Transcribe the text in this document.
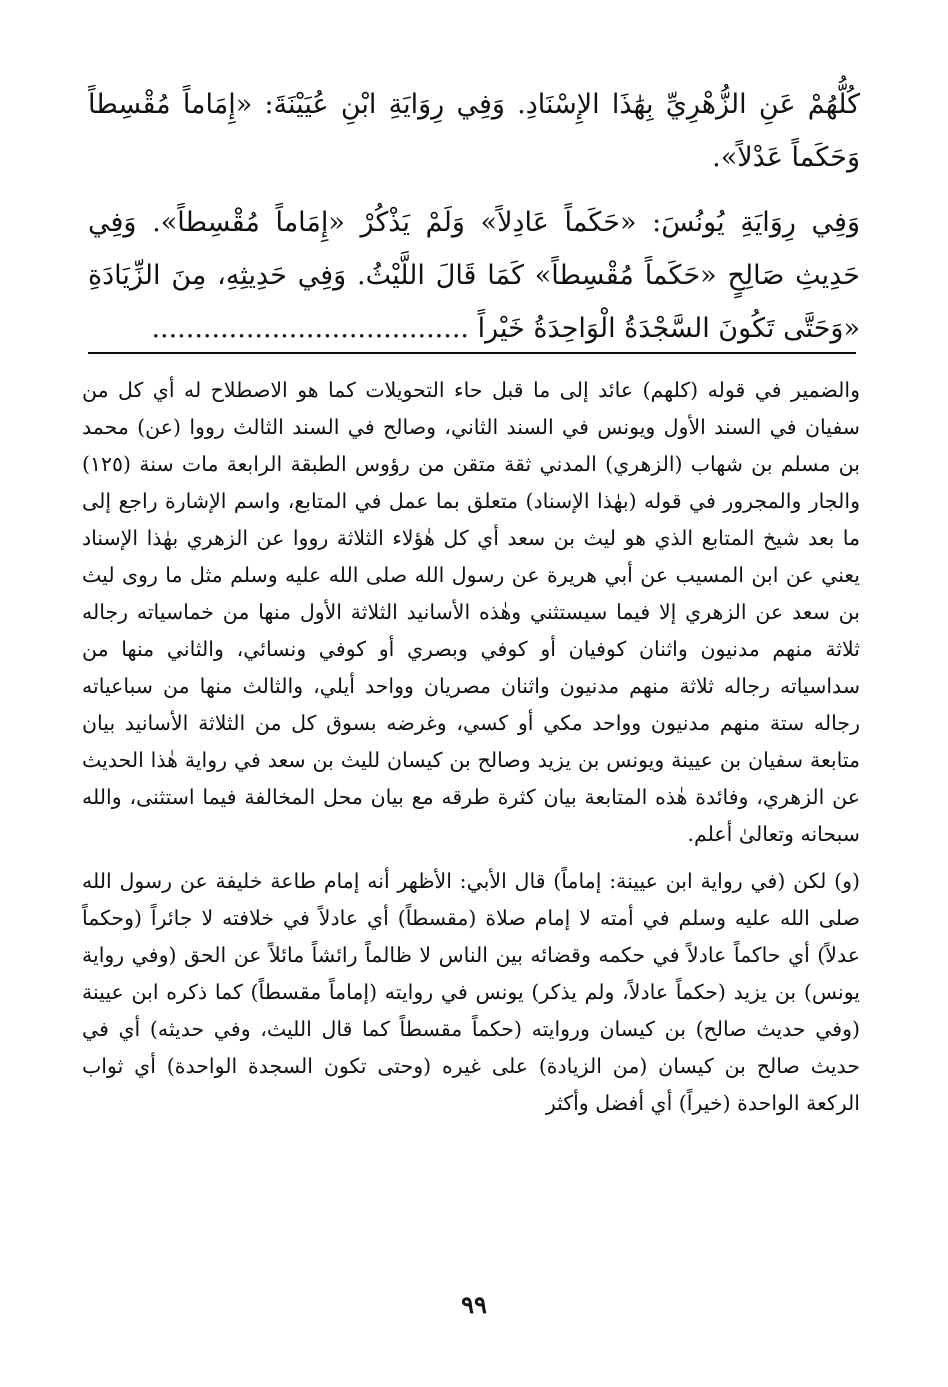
كُلُّهُمْ عَنِ الزُّهْرِيِّ بِهَٰذَا الإِسْنَادِ. وَفِي رِوَايَةِ ابْنِ عُيَيْنَةَ: «إِمَاماً مُقْسِطاً وَحَكَماً عَدْلاً».

وَفِي رِوَايَةِ يُونُسَ: «حَكَماً عَادِلاً» وَلَمْ يَذْكُرْ «إِمَاماً مُقْسِطاً». وَفِي حَدِيثِ صَالِحٍ «حَكَماً مُقْسِطاً» كَمَا قَالَ اللَّيْثُ. وَفِي حَدِيثِهِ، مِنَ الزِّيَادَةِ «وَحَتَّى تَكُونَ السَّجْدَةُ الْوَاحِدَةُ خَيْراً .....................................

والضمير في قوله (كلهم) عائد إلى ما قبل حاء التحويلات كما هو الاصطلاح له أي كل من سفيان في السند الأول ويونس في السند الثاني، وصالح في السند الثالث رووا (عن) محمد بن مسلم بن شهاب (الزهري) المدني ثقة متقن من رؤوس الطبقة الرابعة مات سنة (١٢٥) والجار والمجرور في قوله (بهٰذا الإسناد) متعلق بما عمل في المتابع، واسم الإشارة راجع إلى ما بعد شيخ المتابع الذي هو ليث بن سعد أي كل هٰؤلاء الثلاثة رووا عن الزهري بهٰذا الإسناد يعني عن ابن المسيب عن أبي هريرة عن رسول الله صلى الله عليه وسلم مثل ما روى ليث بن سعد عن الزهري إلا فيما سيستثني وهٰذه الأسانيد الثلاثة الأول منها من خماسياته رجاله ثلاثة منهم مدنيون واثنان كوفيان أو كوفي وبصري أو كوفي ونسائي، والثاني منها من سداسياته رجاله ثلاثة منهم مدنيون واثنان مصريان وواحد أيلي، والثالث منها من سباعياته رجاله ستة منهم مدنيون وواحد مكي أو كسي، وغرضه بسوق كل من الثلاثة الأسانيد بيان متابعة سفيان بن عيينة ويونس بن يزيد وصالح بن كيسان لليث بن سعد في رواية هٰذا الحديث عن الزهري، وفائدة هٰذه المتابعة بيان كثرة طرقه مع بيان محل المخالفة فيما استثنى، والله سبحانه وتعالىٰ أعلم.

(و) لكن (في رواية ابن عيينة: إماماً) قال الأبي: الأظهر أنه إمام طاعة خليفة عن رسول الله صلى الله عليه وسلم في أمته لا إمام صلاة (مقسطاً) أي عادلاً في خلافته لا جائراً (وحكماً عدلاً) أي حاكماً عادلاً في حكمه وقضائه بين الناس لا ظالماً رائشاً مائلاً عن الحق (وفي رواية يونس) بن يزيد (حكماً عادلاً، ولم يذكر) يونس في روايته (إماماً مقسطاً) كما ذكره ابن عيينة (وفي حديث صالح) بن كيسان وروايته (حكماً مقسطاً كما قال الليث، وفي حديثه) أي في حديث صالح بن كيسان (من الزيادة) على غيره (وحتى تكون السجدة الواحدة) أي ثواب الركعة الواحدة (خيراً) أي أفضل وأكثر

٩٩
